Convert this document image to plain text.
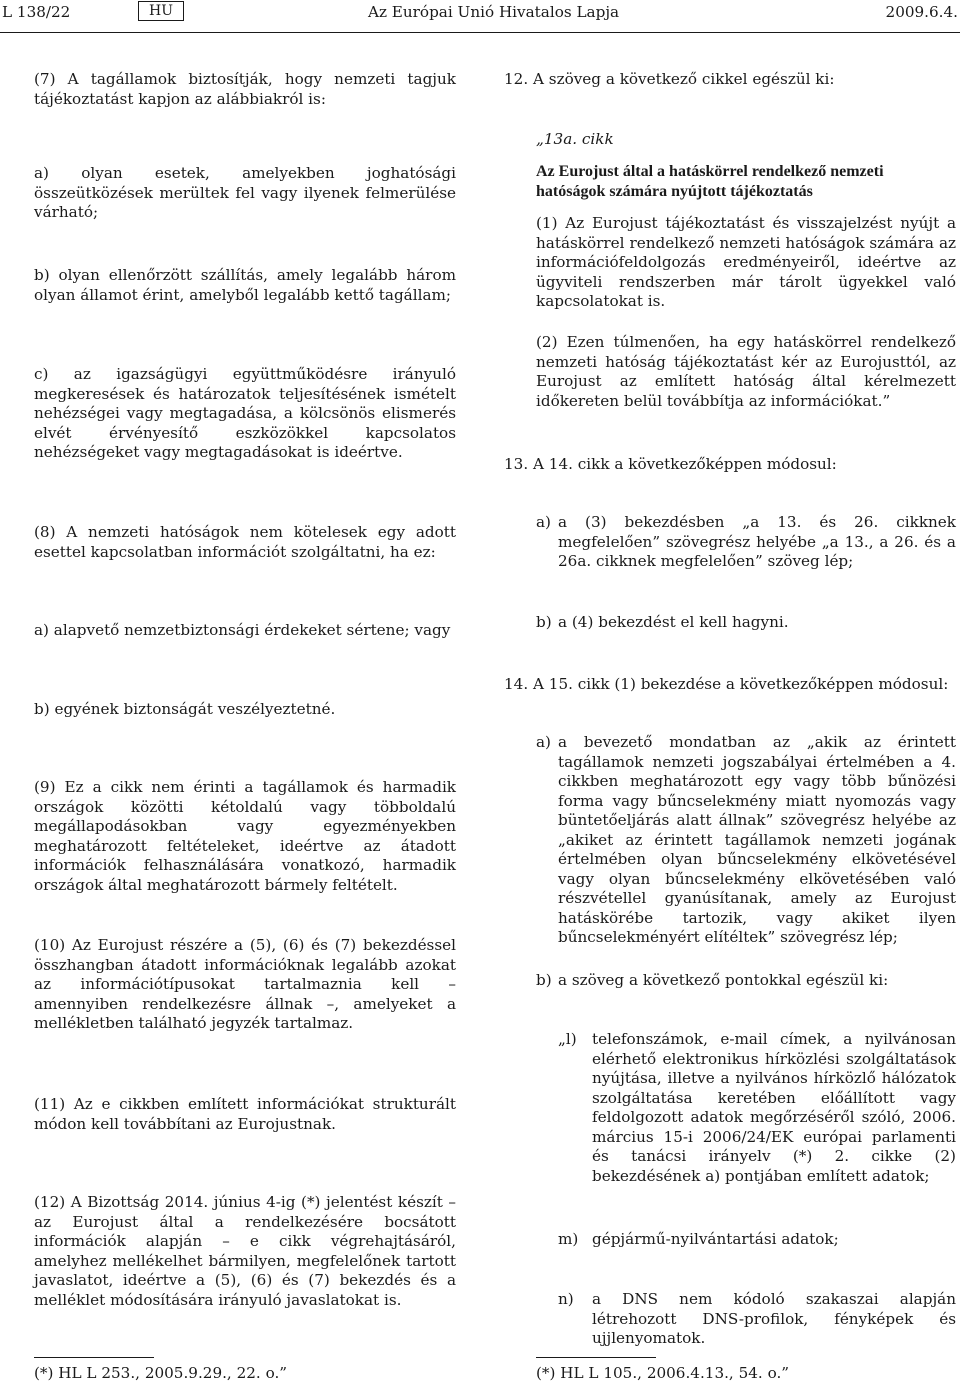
L 138/22	HU	Az Európai Unió Hivatalos Lapja	2009.6.4.

(7) A tagállamok biztosítják, hogy nemzeti tagjuk tájékoztatást kapjon az alábbiakról is:

a) olyan esetek, amelyekben joghatósági összeütközések merültek fel vagy ilyenek felmerülése várható;

b) olyan ellenőrzött szállítás, amely legalább három olyan államot érint, amelyből legalább kettő tagállam;

c) az igazságügyi együttműködésre irányuló megkeresések és határozatok teljesítésének ismételt nehézségei vagy megtagadása, a kölcsönös elismerés elvét érvényesítő eszközökkel kapcsolatos nehézségeket vagy megtagadásokat is ideértve.

(8) A nemzeti hatóságok nem kötelesek egy adott esettel kapcsolatban információt szolgáltatni, ha ez:

a) alapvető nemzetbiztonsági érdekeket sértene; vagy

b) egyének biztonságát veszélyeztetné.

(9) Ez a cikk nem érinti a tagállamok és harmadik országok közötti kétoldalú vagy többoldalú megállapodásokban vagy egyezményekben meghatározott feltételeket, ideértve az átadott információk felhasználására vonatkozó, harmadik országok által meghatározott bármely feltételt.

(10) Az Eurojust részére a (5), (6) és (7) bekezdéssel összhangban átadott információknak legalább azokat az információtípusokat tartalmaznia kell – amennyiben rendelkezésre állnak –, amelyeket a mellékletben található jegyzék tartalmaz.

(11) Az e cikkben említett információkat strukturált módon kell továbbítani az Eurojustnak.

(12) A Bizottság 2014. június 4-ig (*) jelentést készít – az Eurojust által a rendelkezésére bocsátott információk alapján – e cikk végrehajtásáról, amelyhez mellékelhet bármilyen, megfelelőnek tartott javaslatot, ideértve a (5), (6) és (7) bekezdés és a melléklet módosítására irányuló javaslatokat is.

(*) HL L 253., 2005.9.29., 22. o.”

12. A szöveg a következő cikkel egészül ki:

„13a. cikk

Az Eurojust által a hatáskörrel rendelkező nemzeti hatóságok számára nyújtott tájékoztatás

(1) Az Eurojust tájékoztatást és visszajelzést nyújt a hatáskörrel rendelkező nemzeti hatóságok számára az információfeldolgozás eredményeiről, ideértve az ügyviteli rendszerben már tárolt ügyekkel való kapcsolatokat is.

(2) Ezen túlmenően, ha egy hatáskörrel rendelkező nemzeti hatóság tájékoztatást kér az Eurojusttól, az Eurojust az említett hatóság által kérelmezett időkereten belül továbbítja az információkat.”

13. A 14. cikk a következőképpen módosul:

a) a (3) bekezdésben „a 13. és 26. cikknek megfelelően” szövegrész helyébe „a 13., a 26. és a 26a. cikknek megfelelően” szöveg lép;
b) a (4) bekezdést el kell hagyni.

14. A 15. cikk (1) bekezdése a következőképpen módosul:

a) a bevezető mondatban az „akik az érintett tagállamok nemzeti jogszabályai értelmében a 4. cikkben meghatározott egy vagy több bűnözési forma vagy bűncselekmény miatt nyomozás vagy büntetőeljárás alatt állnak” szövegrész helyébe az „akiket az érintett tagállamok nemzeti jogának értelmében olyan bűncselekmény elkövetésével vagy olyan bűncselekmény elkövetésében való részvétellel gyanúsítanak, amely az Eurojust hatáskörébe tartozik, vagy akiket ilyen bűncselekményért elítéltek” szövegrész lép;
b) a szöveg a következő pontokkal egészül ki:
„l)	telefonszámok, e-mail címek, a nyilvánosan elérhető elektronikus hírközlési szolgáltatások nyújtása, illetve a nyilvános hírközlő hálózatok szolgáltatása keretében előállított vagy feldolgozott adatok megőrzéséről szóló, 2006. március 15-i 2006/24/EK európai parlamenti és tanácsi irányelv (*) 2. cikke (2) bekezdésének a) pontjában említett adatok;
m) gépjármű-nyilvántartási adatok;
n)	a DNS nem kódoló szakaszai alapján létrehozott DNS-profilok, fényképek és ujjlenyomatok.

(*) HL L 105., 2006.4.13., 54. o.”
